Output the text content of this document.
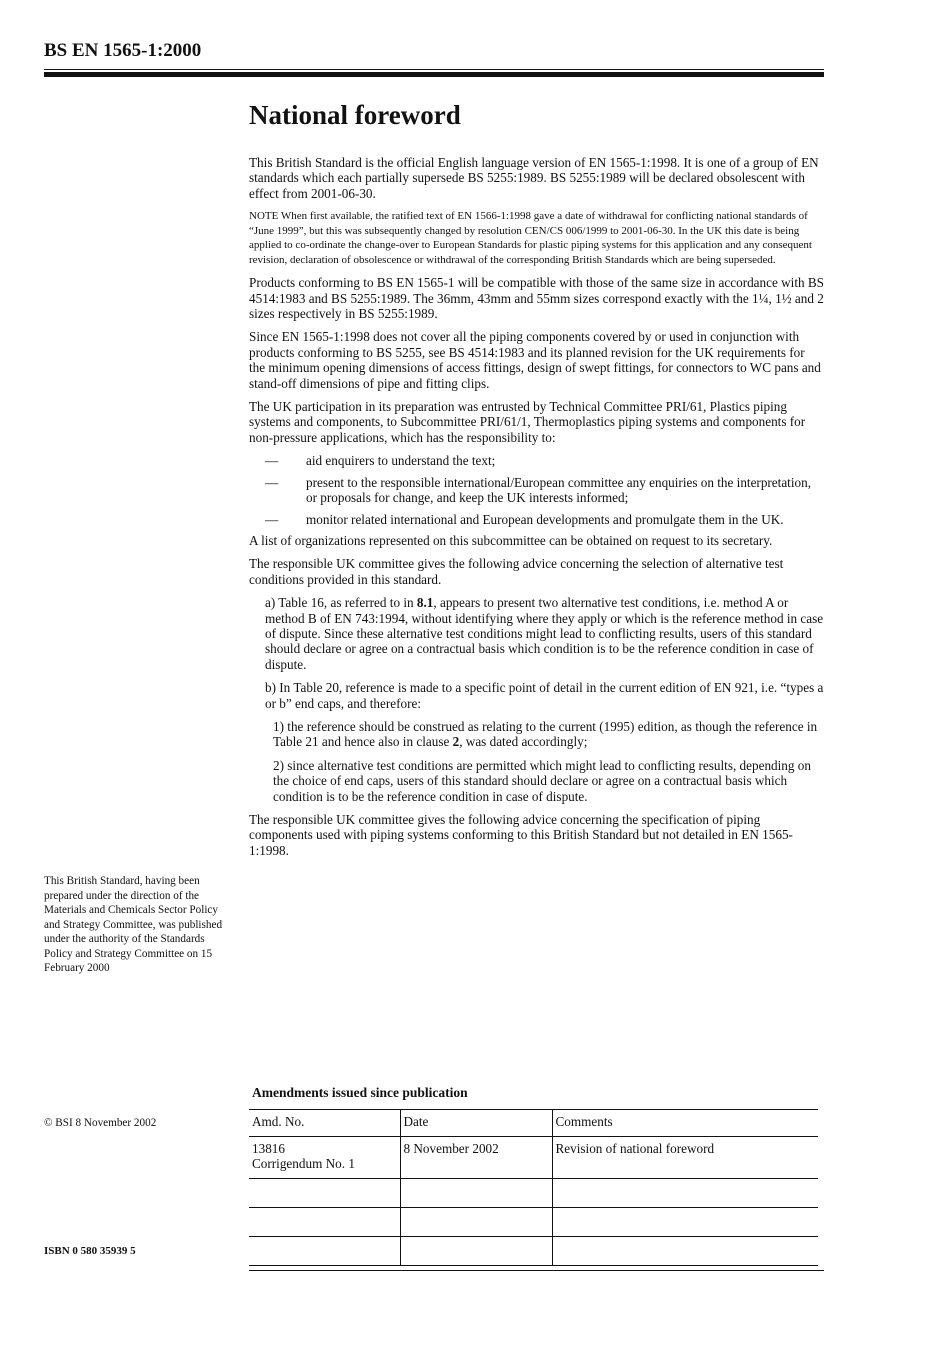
BS EN 1565-1:2000
National foreword

This British Standard is the official English language version of EN 1565-1:1998. It is one of a group of EN standards which each partially supersede BS 5255:1989. BS 5255:1989 will be declared obsolescent with effect from 2001-06-30.

NOTE When first available, the ratified text of EN 1566-1:1998 gave a date of withdrawal for conflicting national standards of “June 1999”, but this was subsequently changed by resolution CEN/CS 006/1999 to 2001-06-30. In the UK this date is being applied to co-ordinate the change-over to European Standards for plastic piping systems for this application and any consequent revision, declaration of obsolescence or withdrawal of the corresponding British Standards which are being superseded.

Products conforming to BS EN 1565-1 will be compatible with those of the same size in accordance with BS 4514:1983 and BS 5255:1989. The 36mm, 43mm and 55mm sizes correspond exactly with the 1¼, 1½ and 2 sizes respectively in BS 5255:1989.

Since EN 1565-1:1998 does not cover all the piping components covered by or used in conjunction with products conforming to BS 5255, see BS 4514:1983 and its planned revision for the UK requirements for the minimum opening dimensions of access fittings, design of swept fittings, for connectors to WC pans and stand-off dimensions of pipe and fitting clips.

The UK participation in its preparation was entrusted by Technical Committee PRI/61, Plastics piping systems and components, to Subcommittee PRI/61/1, Thermoplastics piping systems and components for non-pressure applications, which has the responsibility to:

—	aid enquirers to understand the text;
—	present to the responsible international/European committee any enquiries on the interpretation, or proposals for change, and keep the UK interests informed;
—	monitor related international and European developments and promulgate them in the UK.

A list of organizations represented on this subcommittee can be obtained on request to its secretary.

The responsible UK committee gives the following advice concerning the selection of alternative test conditions provided in this standard.

a) Table 16, as referred to in 8.1, appears to present two alternative test conditions, i.e. method A or method B of EN 743:1994, without identifying where they apply or which is the reference method in case of dispute. Since these alternative test conditions might lead to conflicting results, users of this standard should declare or agree on a contractual basis which condition is to be the reference condition in case of dispute.

b) In Table 20, reference is made to a specific point of detail in the current edition of EN 921, i.e. “types a or b” end caps, and therefore:

1) the reference should be construed as relating to the current (1995) edition, as though the reference in Table 21 and hence also in clause 2, was dated accordingly;

2) since alternative test conditions are permitted which might lead to conflicting results, depending on the choice of end caps, users of this standard should declare or agree on a contractual basis which condition is to be the reference condition in case of dispute.

The responsible UK committee gives the following advice concerning the specification of piping components used with piping systems conforming to this British Standard but not detailed in EN 1565-1:1998.

This British Standard, having been prepared under the direction of the Materials and Chemicals Sector Policy and Strategy Committee, was published under the authority of the Standards Policy and Strategy Committee on 15 February 2000
© BSI 8 November 2002
ISBN 0 580 35939 5
Amendments issued since publication
Amd. No.	Date	Comments

13816
Corrigendum No. 1	8 November 2002	Revision of national foreword
